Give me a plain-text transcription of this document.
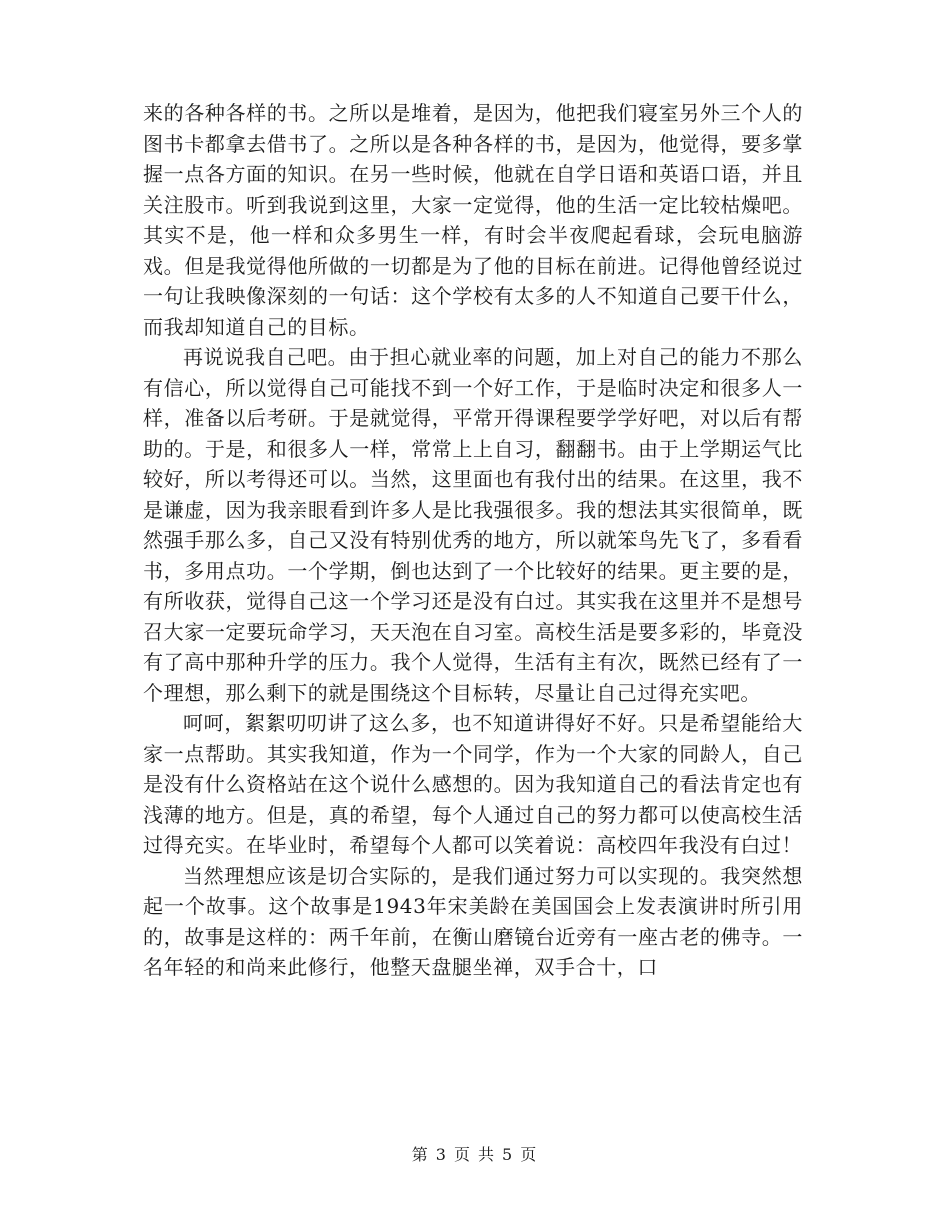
来的各种各样的书。之所以是堆着，是因为，他把我们寝室另外三个人的图书卡都拿去借书了。之所以是各种各样的书，是因为，他觉得，要多掌握一点各方面的知识。在另一些时候，他就在自学日语和英语口语，并且关注股市。听到我说到这里，大家一定觉得，他的生活一定比较枯燥吧。其实不是，他一样和众多男生一样，有时会半夜爬起看球，会玩电脑游戏。但是我觉得他所做的一切都是为了他的目标在前进。记得他曾经说过一句让我映像深刻的一句话：这个学校有太多的人不知道自己要干什么，而我却知道自己的目标。

再说说我自己吧。由于担心就业率的问题，加上对自己的能力不那么有信心，所以觉得自己可能找不到一个好工作，于是临时决定和很多人一样，准备以后考研。于是就觉得，平常开得课程要学学好吧，对以后有帮助的。于是，和很多人一样，常常上上自习，翻翻书。由于上学期运气比较好，所以考得还可以。当然，这里面也有我付出的结果。在这里，我不是谦虚，因为我亲眼看到许多人是比我强很多。我的想法其实很简单，既然强手那么多，自己又没有特别优秀的地方，所以就笨鸟先飞了，多看看书，多用点功。一个学期，倒也达到了一个比较好的结果。更主要的是，有所收获，觉得自己这一个学习还是没有白过。其实我在这里并不是想号召大家一定要玩命学习，天天泡在自习室。高校生活是要多彩的，毕竟没有了高中那种升学的压力。我个人觉得，生活有主有次，既然已经有了一个理想，那么剩下的就是围绕这个目标转，尽量让自己过得充实吧。

呵呵，絮絮叨叨讲了这么多，也不知道讲得好不好。只是希望能给大家一点帮助。其实我知道，作为一个同学，作为一个大家的同龄人，自己是没有什么资格站在这个说什么感想的。因为我知道自己的看法肯定也有浅薄的地方。但是，真的希望，每个人通过自己的努力都可以使高校生活过得充实。在毕业时，希望每个人都可以笑着说：高校四年我没有白过！

当然理想应该是切合实际的，是我们通过努力可以实现的。我突然想起一个故事。这个故事是1943年宋美龄在美国国会上发表演讲时所引用的，故事是这样的：两千年前，在衡山磨镜台近旁有一座古老的佛寺。一名年轻的和尚来此修行，他整天盘腿坐禅，双手合十，口

第 3 页 共 5 页
